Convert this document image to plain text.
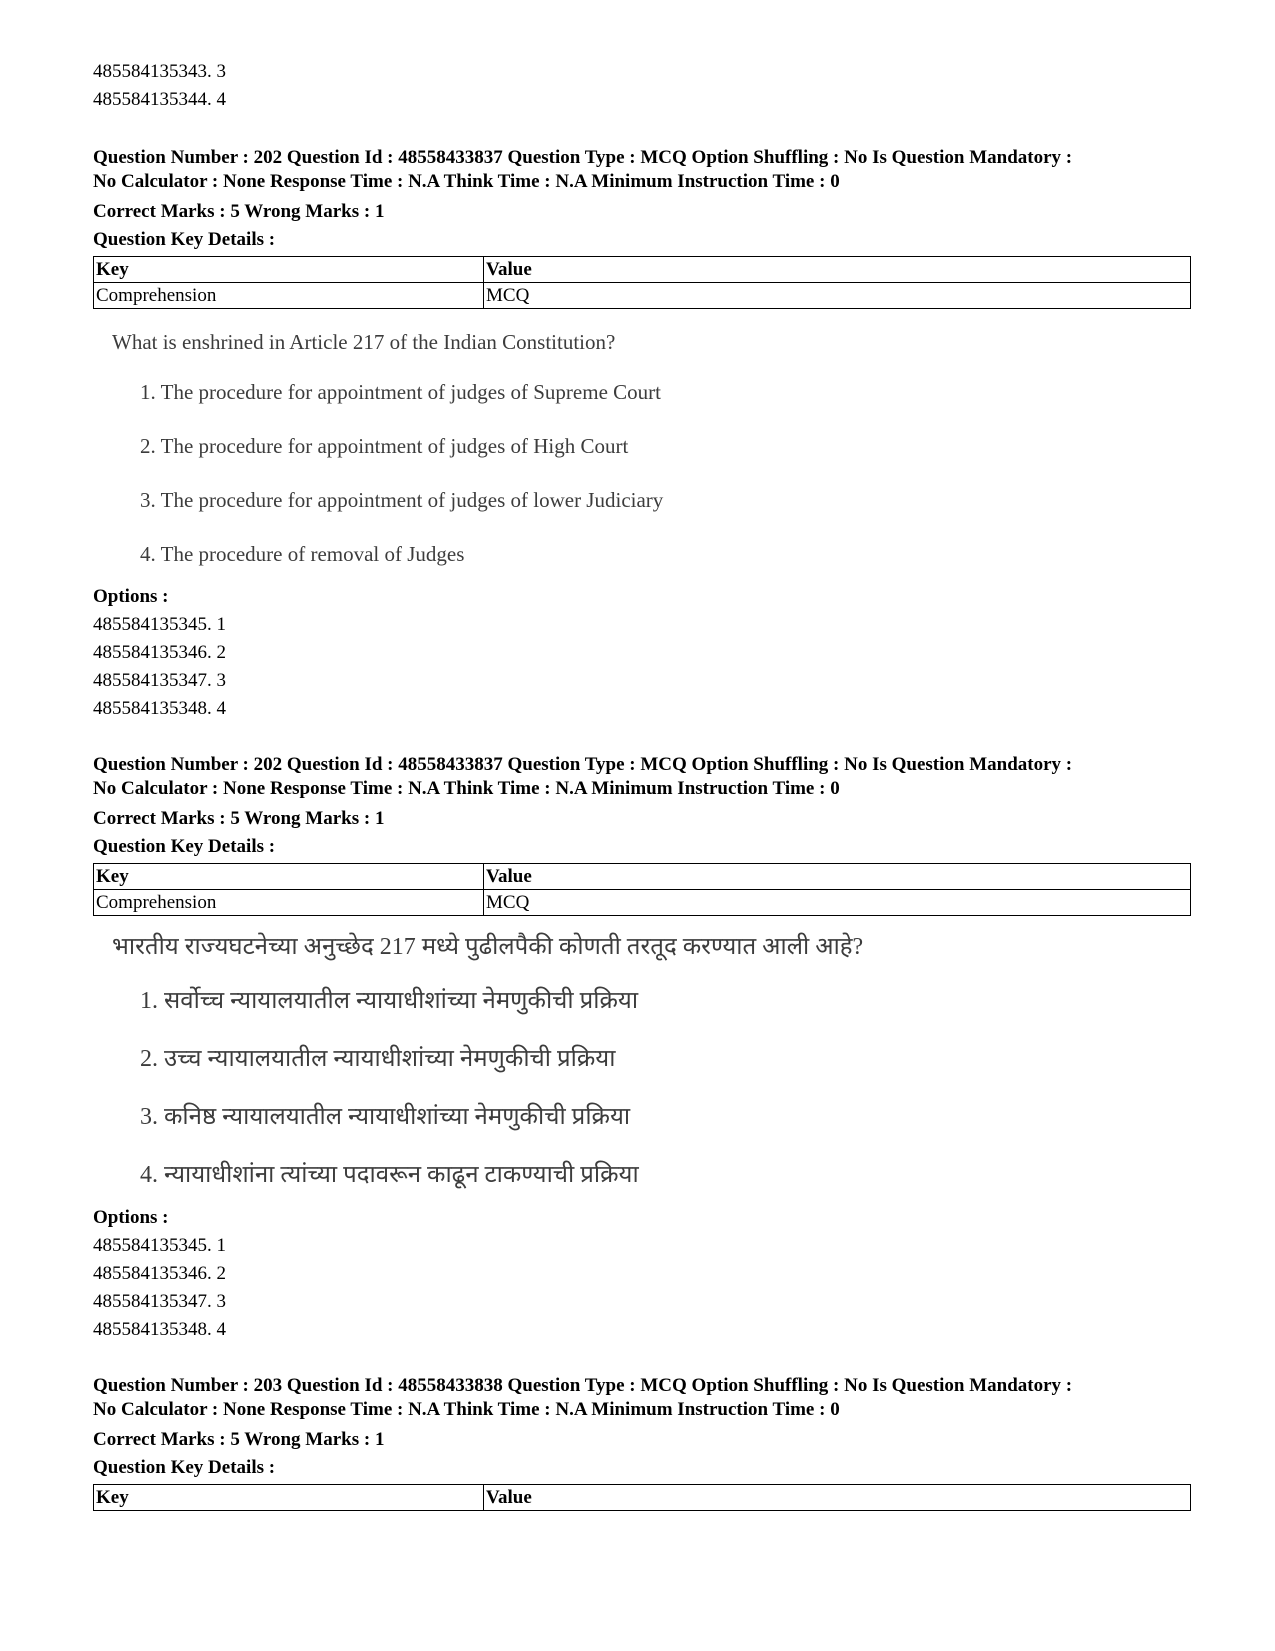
485584135343. 3
485584135344. 4
Question Number : 202 Question Id : 48558433837 Question Type : MCQ Option Shuffling : No Is Question Mandatory :
No Calculator : None Response Time : N.A Think Time : N.A Minimum Instruction Time : 0
Correct Marks : 5 Wrong Marks : 1
Question Key Details :
Key	Value
Comprehension	MCQ
What is enshrined in Article 217 of the Indian Constitution?
1. The procedure for appointment of judges of Supreme Court
2. The procedure for appointment of judges of High Court
3. The procedure for appointment of judges of lower Judiciary
4. The procedure of removal of Judges
Options :
485584135345. 1
485584135346. 2
485584135347. 3
485584135348. 4
Question Number : 202 Question Id : 48558433837 Question Type : MCQ Option Shuffling : No Is Question Mandatory :
No Calculator : None Response Time : N.A Think Time : N.A Minimum Instruction Time : 0
Correct Marks : 5 Wrong Marks : 1
Question Key Details :
Key	Value
Comprehension	MCQ
भारतीय राज्यघटनेच्या अनुच्छेद 217 मध्ये पुढीलपैकी कोणती तरतूद करण्यात आली आहे?
1. सर्वोच्च न्यायालयातील न्यायाधीशांच्या नेमणुकीची प्रक्रिया
2. उच्च न्यायालयातील न्यायाधीशांच्या नेमणुकीची प्रक्रिया
3. कनिष्ठ न्यायालयातील न्यायाधीशांच्या नेमणुकीची प्रक्रिया
4. न्यायाधीशांना त्यांच्या पदावरून काढून टाकण्याची प्रक्रिया
Options :
485584135345. 1
485584135346. 2
485584135347. 3
485584135348. 4
Question Number : 203 Question Id : 48558433838 Question Type : MCQ Option Shuffling : No Is Question Mandatory :
No Calculator : None Response Time : N.A Think Time : N.A Minimum Instruction Time : 0
Correct Marks : 5 Wrong Marks : 1
Question Key Details :
Key	Value
